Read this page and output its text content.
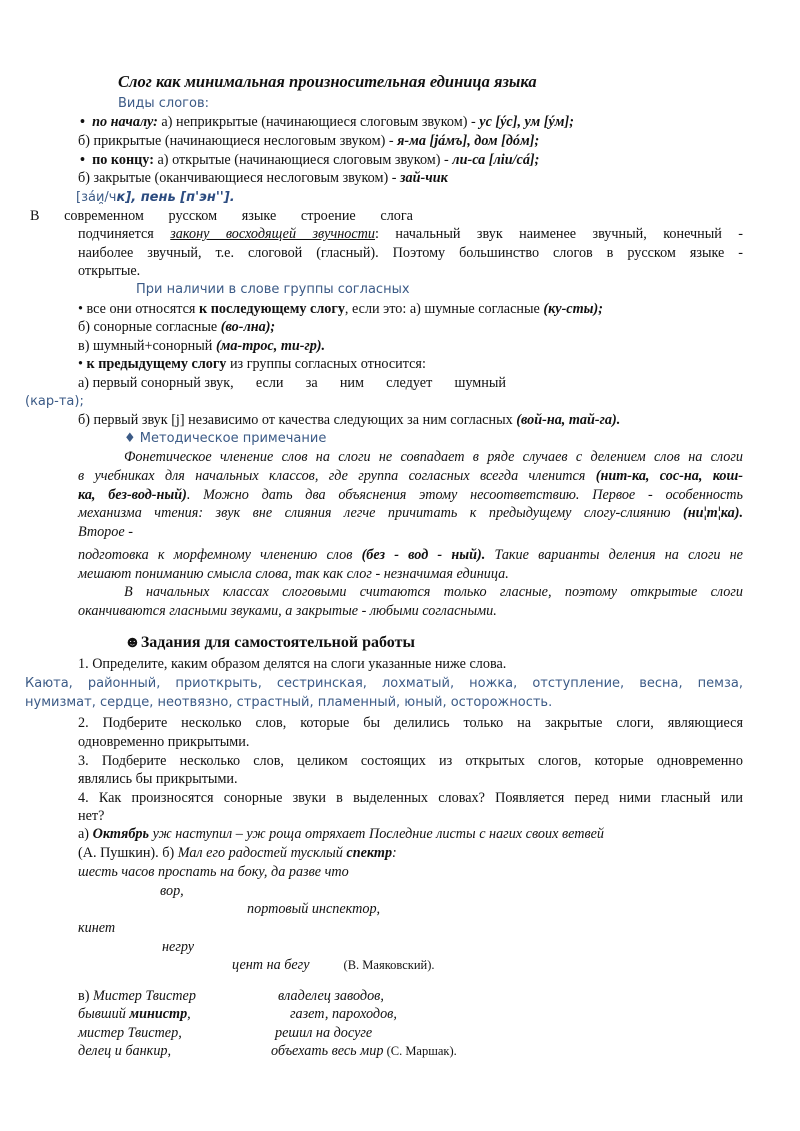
Слог как минимальная произносительная единица языка
Виды слогов:
• по началу: а) неприкрытые (начинающиеся слоговым звуком) - ус [ýс], ум [ýм];
б) прикрытые (начинающиеся неслоговым звуком) - я-ма [jáмъ], дом [дóм];
• по концу: а) открытые (начинающиеся слоговым звуком) - ли-са [лiи/cá];
б) закрытые (оканчивающиеся неслоговым звуком) - зай-чик
[зáи̯/чк], пень [п'эн''].
В современном русском языке строение слога
подчиняется закону восходящей звучности: начальный звук наименее звучный, конечный -
наиболее звучный, т.е. слоговой (гласный). Поэтому большинство слогов в русском языке -
открытые.
При наличии в слове группы согласных
• все они относятся к последующему слогу, если это: а) шумные согласные (ку-сты);
б) сонорные согласные (во-лна);
в) шумный+сонорный (ма-трос, ти-гр).
• к предыдущему слогу из группы согласных относится:
а) первый сонорный звук, если за ним следует шумный
(кар-та);
б) первый звук [j] независимо от качества следующих за ним согласных (вой-на, тай-га).
♦ Методическое примечание
Фонетическое членение слов на слоги не совпадает в ряде случаев с делением слов на слоги
в учебниках для начальных классов, где группа согласных всегда членится (нит-ка, сос-на, кош-
ка, без-вод-ный). Можно дать два объяснения этому несоответствию. Первое - особенность
механизма чтения: звук вне слияния легче причитать к предыдущему слогу-слиянию (ни¦т¦ка).
Второе -
подготовка к морфемному членению слов (без - вод - ный). Такие варианты деления на слоги не
мешают пониманию смысла слова, так как слог - незначимая единица.
В начальных классах слоговыми считаются только гласные, поэтому открытые слоги
оканчиваются гласными звуками, а закрытые - любыми согласными.
☻Задания для самостоятельной работы
1. Определите, каким образом делятся на слоги указанные ниже слова.
Каюта, районный, приоткрыть, сестринская, лохматый, ножка, отступление, весна, пемза,
нумизмат, сердце, неотвязно, страстный, пламенный, юный, осторожность.
2. Подберите несколько слов, которые бы делились только на закрытые слоги, являющиеся
одновременно прикрытыми.
3. Подберите несколько слов, целиком состоящих из открытых слогов, которые одновременно
являлись бы прикрытыми.
4. Как произносятся сонорные звуки в выделенных словах? Появляется перед ними гласный или
нет?
а) Октябрь уж наступил – уж роща отряхает Последние листы с нагих своих ветвей
(А. Пушкин). б) Мал его радостей тусклый спектр:
шесть часов проспать на боку, да разве что
вор,
портовый инспектор,
кинет
негру
цент на бегу	(В. Маяковский).
в) Мистер Твистер	владелец заводов,
бывший министр,	газет, пароходов,
мистер Твистер,	решил на досуге
делец и банкир,	объехать весь мир (С. Маршак).
